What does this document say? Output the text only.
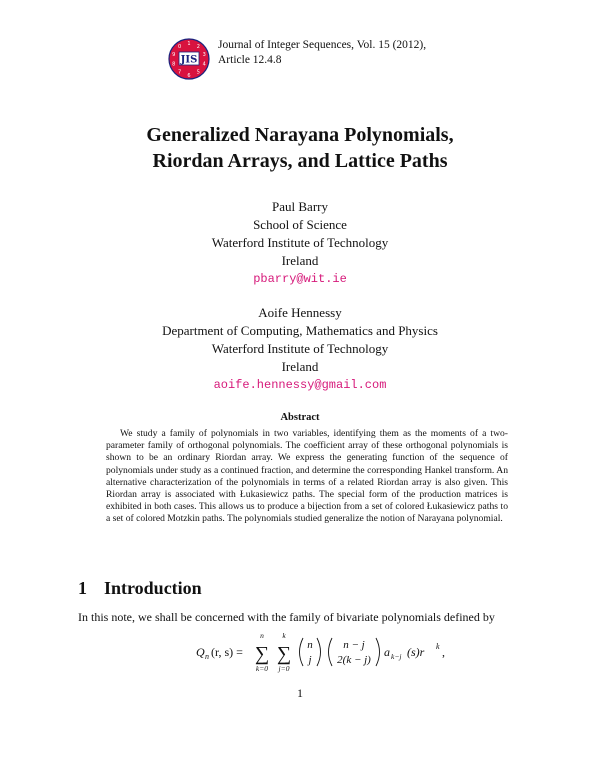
1
2
3
4
5
6
7
8
9
0
JIS
Journal of Integer Sequences, Vol. 15 (2012),
Article 12.4.8
Generalized Narayana Polynomials,
Riordan Arrays, and Lattice Paths
Paul Barry
School of Science
Waterford Institute of Technology
Ireland
pbarry@wit.ie
Aoife Hennessy
Department of Computing, Mathematics and Physics
Waterford Institute of Technology
Ireland
aoife.hennessy@gmail.com
Abstract
We study a family of polynomials in two variables, identifying them as the moments of a two-parameter family of orthogonal polynomials. The coefficient array of these orthogonal polynomials is shown to be an ordinary Riordan array. We express the generating function of the sequence of polynomials under study as a continued fraction, and determine the corresponding Hankel transform. An alternative characterization of the polynomials in terms of a related Riordan array is also given. This Riordan array is associated with Łukasiewicz paths. The special form of the production matrices is exhibited in both cases. This allows us to produce a bijection from a set of colored Łukasiewicz paths to a set of colored Motzkin paths. The polynomials studied generalize the notion of Narayana polynomial.
1 Introduction
In this note, we shall be concerned with the family of bivariate polynomials defined by
Q n (r, s) =
n
∑
k=0
k
∑
j=0
n
j
n − j
2(k − j)
a k−j (s)r k ,
1
